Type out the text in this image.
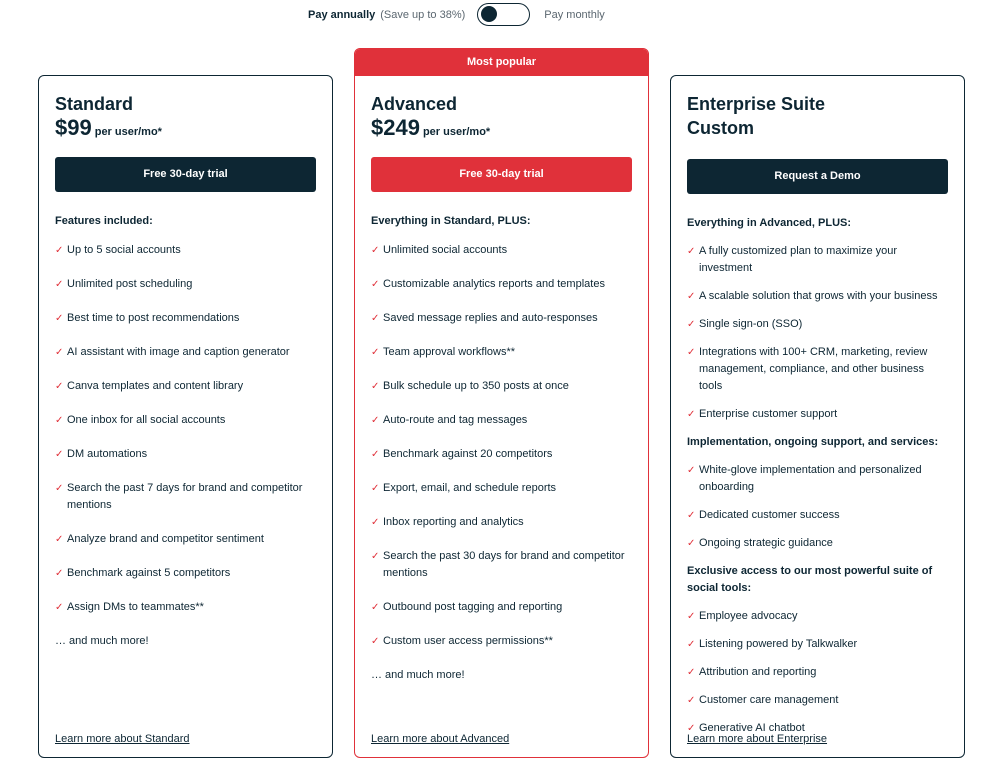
Pay annually (Save up to 38%)	Pay monthly
Standard
$99 per user/mo*
Free 30-day trial
Features included:
✓ Up to 5 social accounts
✓ Unlimited post scheduling
✓ Best time to post recommendations
✓ AI assistant with image and caption generator
✓ Canva templates and content library
✓ One inbox for all social accounts
✓ DM automations
✓ Search the past 7 days for brand and competitor mentions
✓ Analyze brand and competitor sentiment
✓ Benchmark against 5 competitors
✓ Assign DMs to teammates**
… and much more!
Learn more about Standard
Most popular
Advanced
$249 per user/mo*
Free 30-day trial
Everything in Standard, PLUS:
✓ Unlimited social accounts
✓ Customizable analytics reports and templates
✓ Saved message replies and auto-responses
✓ Team approval workflows**
✓ Bulk schedule up to 350 posts at once
✓ Auto-route and tag messages
✓ Benchmark against 20 competitors
✓ Export, email, and schedule reports
✓ Inbox reporting and analytics
✓ Search the past 30 days for brand and competitor mentions
✓ Outbound post tagging and reporting
✓ Custom user access permissions**
… and much more!
Learn more about Advanced
Enterprise Suite
Custom
Request a Demo
Everything in Advanced, PLUS:
✓ A fully customized plan to maximize your investment
✓ A scalable solution that grows with your business
✓ Single sign-on (SSO)
✓ Integrations with 100+ CRM, marketing, review management, compliance, and other business tools
✓ Enterprise customer support
Implementation, ongoing support, and services:
✓ White-glove implementation and personalized onboarding
✓ Dedicated customer success
✓ Ongoing strategic guidance
Exclusive access to our most powerful suite of social tools:
✓ Employee advocacy
✓ Listening powered by Talkwalker
✓ Attribution and reporting
✓ Customer care management
✓ Generative AI chatbot
Learn more about Enterprise
